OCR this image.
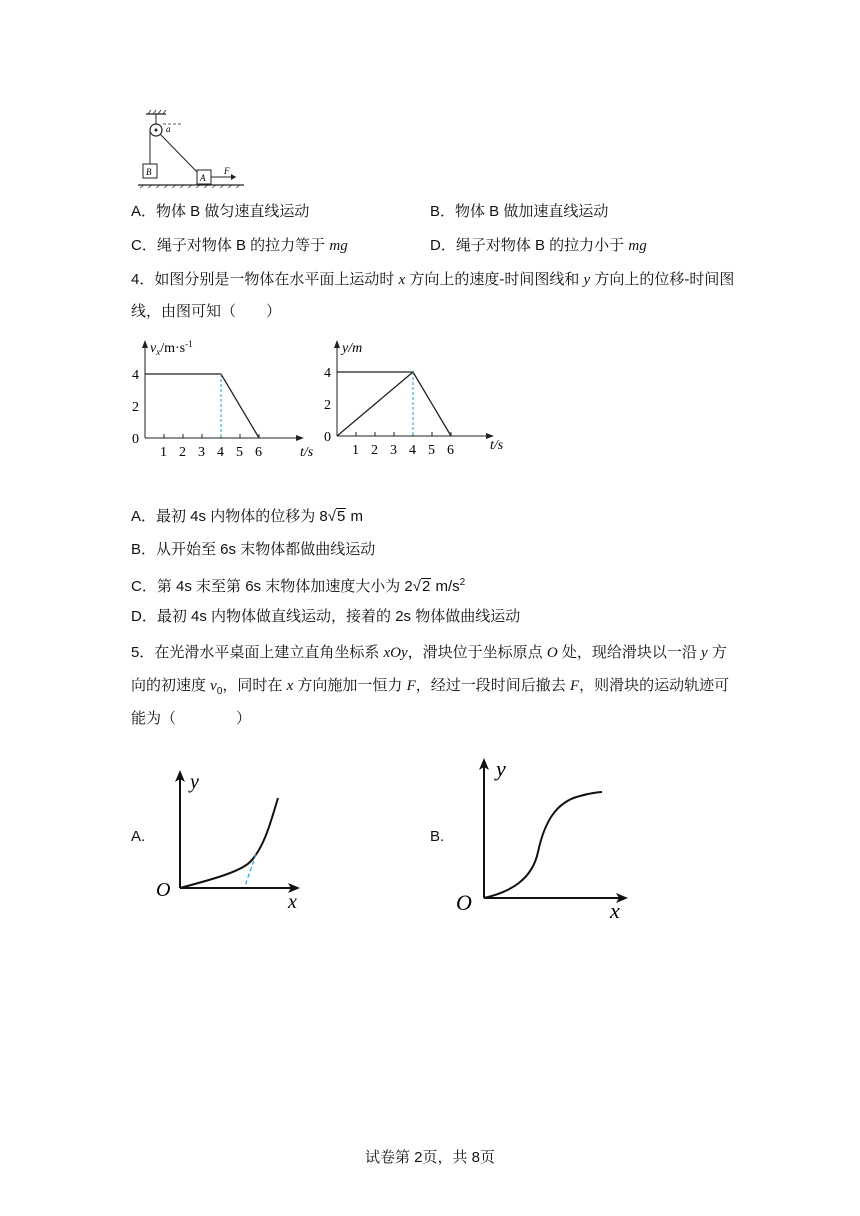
a
B
A
F
A．物体 B 做匀速直线运动	B．物体 B 做加速直线运动
C．绳子对物体 B 的拉力等于 mg	D．绳子对物体 B 的拉力小于 mg
4．如图分别是一物体在水平面上运动时 x 方向上的速度-时间图线和 y 方向上的位移-时间图
线，由图可知（　　）
$v_x/m\cdot s^{-1}$
4
2
0
1 2 3 4 5 6	t/s
y/m
4
2
0
1 2 3 4 5 6	t/s
A．最初 4s 内物体的位移为 8√5 m
B．从开始至 6s 末物体都做曲线运动
C．第 4s 末至第 6s 末物体加速度大小为 2√2 $m/s^2$
D．最初 4s 内物体做直线运动，接着的 2s 物体做曲线运动
5．在光滑水平桌面上建立直角坐标系 xOy，滑块位于坐标原点 O 处，现给滑块以一沿 y 方
向的初速度 $v_0$，同时在 x 方向施加一恒力 F，经过一段时间后撤去 F，则滑块的运动轨迹可
能为（　　　　）
A.
y
x
O
B.
y
x
O
试卷第 2页，共 8页
